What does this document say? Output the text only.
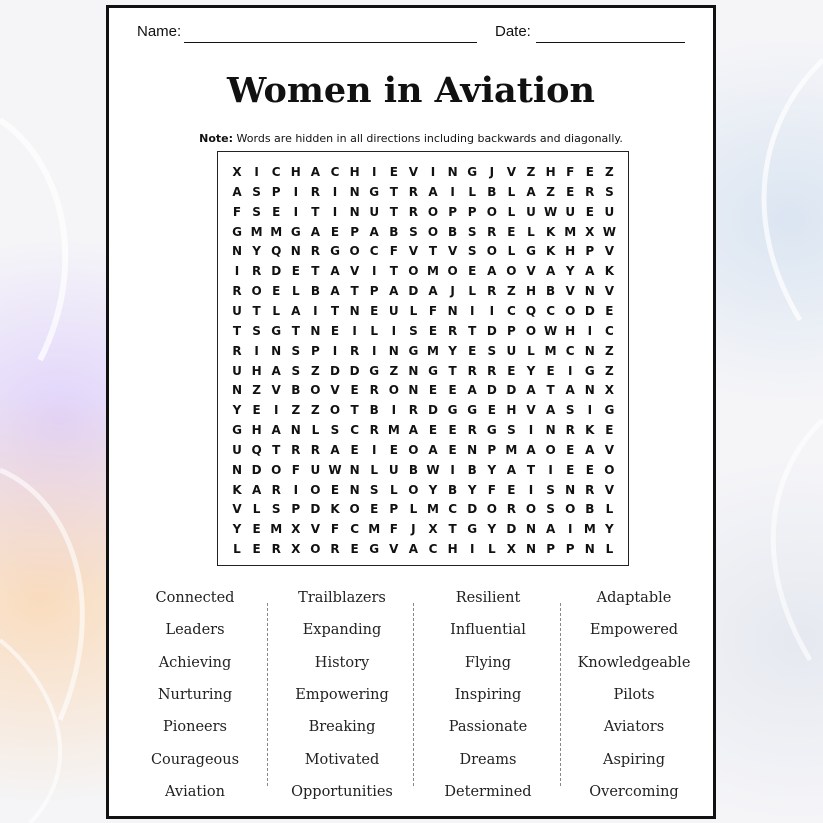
Name:	Date:
Women in Aviation
Note: Words are hidden in all directions including backwards and diagonally.
X	I	C H A C H	I	E V	I	N G	J	V Z H F E Z
A S P	I	R	I	N G T R A	I	L B L A Z E R S
F S E	I	T	I	N U T R O P P O L U W U E U
G M M G A E P A B S O B S R E L K M X W
N Y Q N R G O C F V T V S O L G K H P V
I	R D E T A V	I	T O M O E A O V A Y A K
R O E L B A T P A D A	J	L R Z H B V N V
U T L A	I	T N E U L F N	I	I	C Q C O D E
T S G T N E	I	L	I	S E R T D P O W H	I	C
R	I	N S P	I	R	I	N G M Y E S U L M C N Z
U H A S Z D D G Z N G T R R E Y E	I	G Z
N Z V B O V E R O N E E A D D A T A N X
Y E	I	Z Z O T B	I	R D G G E H V A S	I	G
G H A N L S C R M A E E R G S	I	N R K E
U Q T R R A E	I	E O A E N P M A O E A V
N D O F U W N L U B W I	B Y A T	I	E E O
K A R	I	O E N S L O Y B Y F E	I	S N R V
V L S P D K O E P L M C D O R O S O B L
Y E M X V F C M F	J	X T G Y D N A	I M Y
L E R X O R E G V A C H	I	L X N P P N L
Connected
Leaders
Achieving
Nurturing
Pioneers
Courageous
Aviation
Trailblazers
Expanding
History
Empowering
Breaking
Motivated
Opportunities
Resilient
Influential
Flying
Inspiring
Passionate
Dreams
Determined
Adaptable
Empowered
Knowledgeable
Pilots
Aviators
Aspiring
Overcoming
